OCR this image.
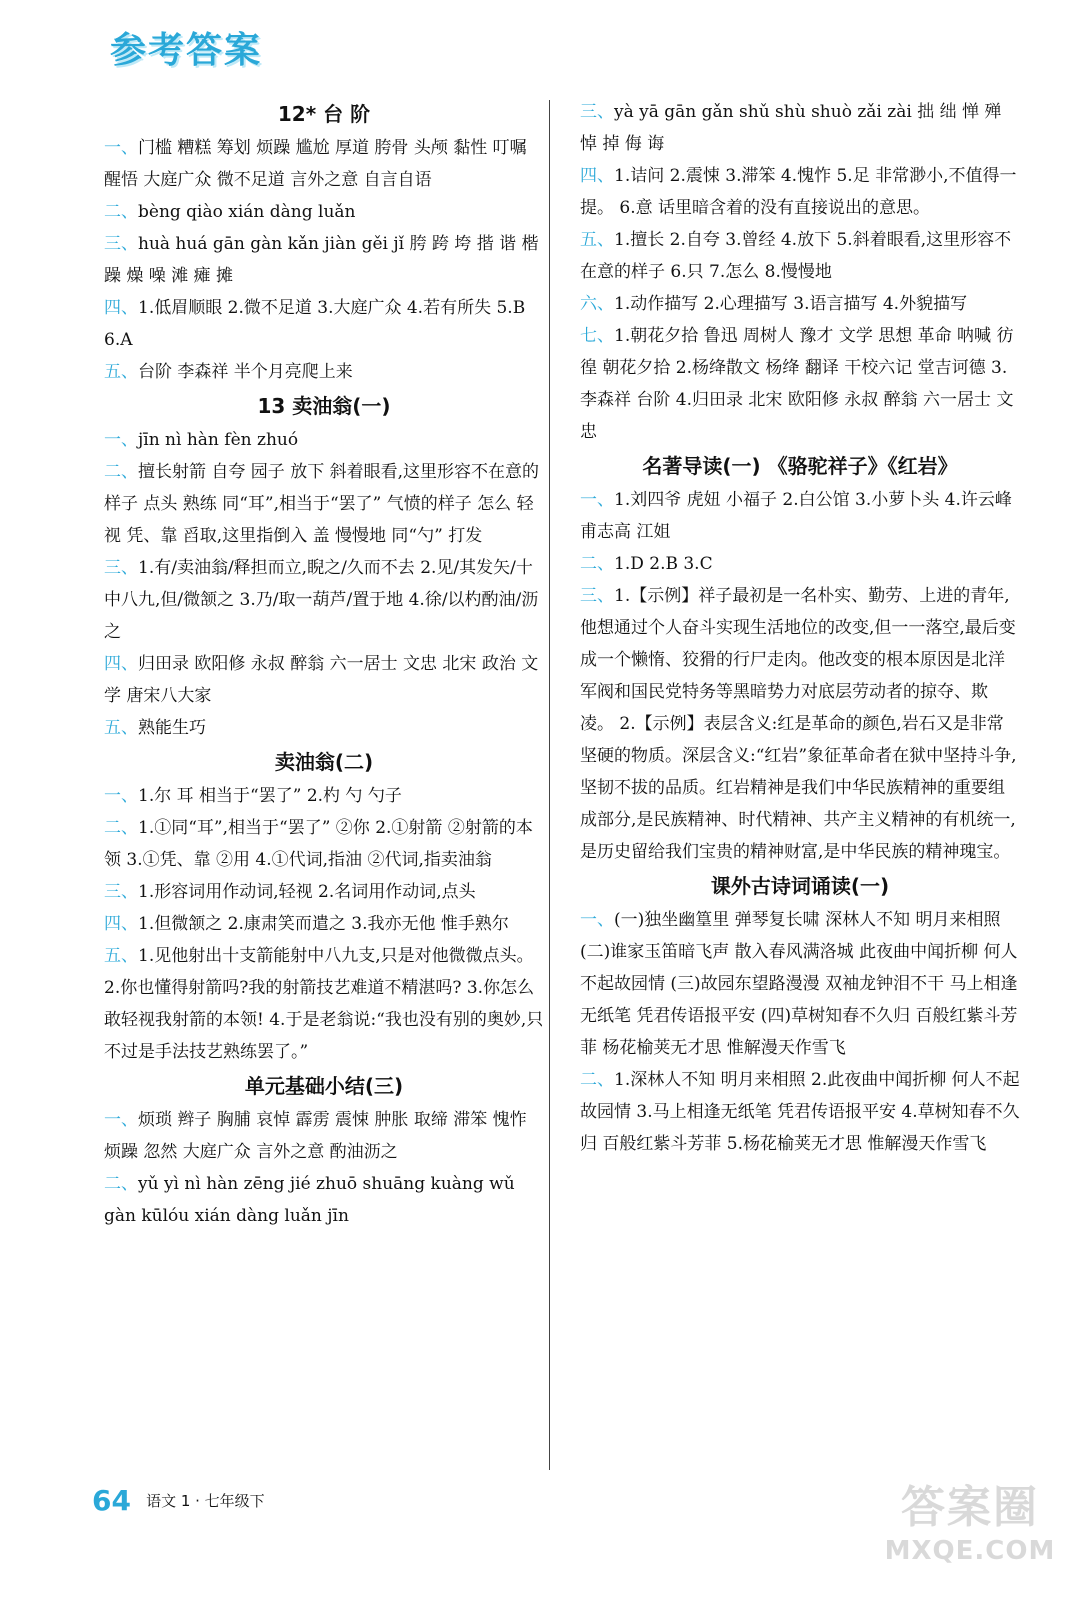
参考答案
12* 台 阶
一、门槛 糟糕 筹划 烦躁 尴尬 厚道 胯骨 头颅 黏性 叮嘱 醒悟 大庭广众 微不足道 言外之意 自言自语
二、bèng qiào xián dàng luǎn
三、huà huá gān gàn kǎn jiàn gěi jǐ 胯 跨 垮 揩 谐 楷 躁 燥 噪 滩 瘫 摊
四、1.低眉顺眼 2.微不足道 3.大庭广众 4.若有所失 5.B 6.A
五、台阶 李森祥 半个月亮爬上来
13 卖油翁(一)
一、jīn nì hàn fèn zhuó
二、擅长射箭 自夸 园子 放下 斜着眼看,这里形容不在意的样子 点头 熟练 同“耳”,相当于“罢了” 气愤的样子 怎么 轻视 凭、靠 舀取,这里指倒入 盖 慢慢地 同“勺” 打发
三、1.有/卖油翁/释担而立,睨之/久而不去 2.见/其发矢/十中八九,但/微颔之 3.乃/取一葫芦/置于地 4.徐/以杓酌油/沥之
四、归田录 欧阳修 永叔 醉翁 六一居士 文忠 北宋 政治 文学 唐宋八大家
五、熟能生巧
卖油翁(二)
一、1.尔 耳 相当于“罢了” 2.杓 勺 勺子
二、1.①同“耳”,相当于“罢了” ②你 2.①射箭 ②射箭的本领 3.①凭、靠 ②用 4.①代词,指油 ②代词,指卖油翁
三、1.形容词用作动词,轻视 2.名词用作动词,点头
四、1.但微颔之 2.康肃笑而遣之 3.我亦无他 惟手熟尔
五、1.见他射出十支箭能射中八九支,只是对他微微点头。 2.你也懂得射箭吗?我的射箭技艺难道不精湛吗? 3.你怎么敢轻视我射箭的本领! 4.于是老翁说:“我也没有别的奥妙,只不过是手法技艺熟练罢了。”
单元基础小结(三)
一、烦琐 辫子 胸脯 哀悼 霹雳 震悚 肿胀 取缔 滞笨 愧怍 烦躁 忽然 大庭广众 言外之意 酌油沥之
二、yǔ yì nì hàn zēng jié zhuō shuāng kuàng wǔ gàn kūlóu xián dàng luǎn jīn
三、yà yā gān gǎn shǔ shù shuò zǎi zài 拙 绌 惮 殚 悼 掉 侮 诲
四、1.诘问 2.震悚 3.滞笨 4.愧怍 5.足 非常渺小,不值得一提。 6.意 话里暗含着的没有直接说出的意思。
五、1.擅长 2.自夸 3.曾经 4.放下 5.斜着眼看,这里形容不在意的样子 6.只 7.怎么 8.慢慢地
六、1.动作描写 2.心理描写 3.语言描写 4.外貌描写
七、1.朝花夕拾 鲁迅 周树人 豫才 文学 思想 革命 呐喊 彷徨 朝花夕拾 2.杨绛散文 杨绛 翻译 干校六记 堂吉诃德 3.李森祥 台阶 4.归田录 北宋 欧阳修 永叔 醉翁 六一居士 文忠
名著导读(一) 《骆驼祥子》《红岩》
一、1.刘四爷 虎妞 小福子 2.白公馆 3.小萝卜头 4.许云峰 甫志高 江姐
二、1.D 2.B 3.C
三、1.【示例】祥子最初是一名朴实、勤劳、上进的青年,他想通过个人奋斗实现生活地位的改变,但一一落空,最后变成一个懒惰、狡猾的行尸走肉。他改变的根本原因是北洋军阀和国民党特务等黑暗势力对底层劳动者的掠夺、欺凌。 2.【示例】表层含义:红是革命的颜色,岩石又是非常坚硬的物质。深层含义:“红岩”象征革命者在狱中坚持斗争,坚韧不拔的品质。红岩精神是我们中华民族精神的重要组成部分,是民族精神、时代精神、共产主义精神的有机统一,是历史留给我们宝贵的精神财富,是中华民族的精神瑰宝。
课外古诗词诵读(一)
一、(一)独坐幽篁里 弹琴复长啸 深林人不知 明月来相照 (二)谁家玉笛暗飞声 散入春风满洛城 此夜曲中闻折柳 何人不起故园情 (三)故园东望路漫漫 双袖龙钟泪不干 马上相逢无纸笔 凭君传语报平安 (四)草树知春不久归 百般红紫斗芳菲 杨花榆荚无才思 惟解漫天作雪飞
二、1.深林人不知 明月来相照 2.此夜曲中闻折柳 何人不起故园情 3.马上相逢无纸笔 凭君传语报平安 4.草树知春不久归 百般红紫斗芳菲 5.杨花榆荚无才思 惟解漫天作雪飞
64 语文 1 · 七年级下	答案圈
MXQE.COM
